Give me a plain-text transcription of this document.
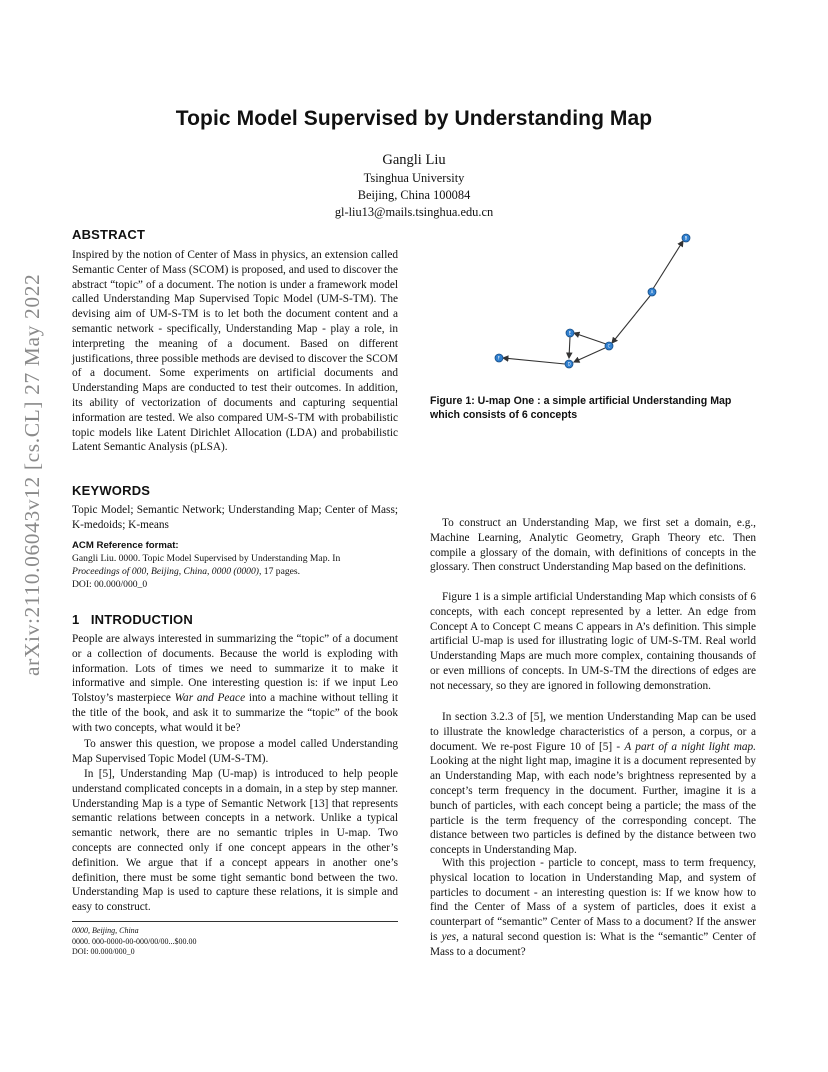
arXiv:2110.06043v12 [cs.CL] 27 May 2022
Topic Model Supervised by Understanding Map
Gangli Liu
Tsinghua University
Beijing, China 100084
gl-liu13@mails.tsinghua.edu.cn
ABSTRACT

Inspired by the notion of Center of Mass in physics, an extension called Semantic Center of Mass (SCOM) is proposed, and used to discover the abstract “topic” of a document. The notion is under a framework model called Understanding Map Supervised Topic Model (UM-S-TM). The devising aim of UM-S-TM is to let both the document content and a semantic network - specifically, Understanding Map - play a role, in interpreting the meaning of a document. Based on different justifications, three possible methods are devised to discover the SCOM of a document. Some experiments on artificial documents and Understanding Maps are conducted to test their outcomes. In addition, its ability of vectorization of documents and capturing sequential information are tested. We also compared UM-S-TM with probabilistic topic models like Latent Dirichlet Allocation (LDA) and probabilistic Latent Semantic Analysis (pLSA).

KEYWORDS

Topic Model; Semantic Network; Understanding Map; Center of Mass; K-medoids; K-means

ACM Reference format:
Gangli Liu. 0000. Topic Model Supervised by Understanding Map. In
Proceedings of 000, Beijing, China, 0000 (0000), 17 pages.
DOI: 00.000/000_0
1 INTRODUCTION

People are always interested in summarizing the “topic” of a document or a collection of documents. Because the world is exploding with information. Lots of times we need to summarize it to make it informative and simple. One interesting question is: if we input Leo Tolstoy’s masterpiece War and Peace into a machine without telling it the title of the book, and ask it to summarize the “topic” of the book with two concepts, what would it be?

To answer this question, we propose a model called Understanding Map Supervised Topic Model (UM-S-TM).

In [5], Understanding Map (U-map) is introduced to help people understand complicated concepts in a domain, in a step by step manner. Understanding Map is a type of Semantic Network [13] that represents semantic relations between concepts in a network. Unlike a typical semantic network, there are no semantic triples in U-map. Two concepts are connected only if one concept appears in the other’s definition. We argue that if a concept appears in another one’s definition, there must be some tight semantic bond between the two. Understanding Map is used to capture these relations, it is simple and easy to construct.

0000, Beijing, China
0000. 000-0000-00-000/00/00...$00.00
DOI: 00.000/000_0
B
A
C
E
D
F
Figure 1: U-map One : a simple artificial Understanding Map which consists of 6 concepts

To construct an Understanding Map, we first set a domain, e.g., Machine Learning, Analytic Geometry, Graph Theory etc. Then compile a glossary of the domain, with definitions of concepts in the glossary. Then construct Understanding Map based on the definitions.

Figure 1 is a simple artificial Understanding Map which consists of 6 concepts, with each concept represented by a letter. An edge from Concept A to Concept C means C appears in A’s definition. This simple artificial U-map is used for illustrating logic of UM-S-TM. Real world Understanding Maps are much more complex, containing thousands of or even millions of concepts. In UM-S-TM the directions of edges are not necessary, so they are ignored in following demonstration.

In section 3.2.3 of [5], we mention Understanding Map can be used to illustrate the knowledge characteristics of a person, a corpus, or a document. We re-post Figure 10 of [5] - A part of a night light map. Looking at the night light map, imagine it is a document represented by an Understanding Map, with each node’s brightness represented by a concept’s term frequency in the document. Further, imagine it is a bunch of particles, with each concept being a particle; the mass of the particle is the term frequency of the corresponding concept. The distance between two particles is defined by the distance between two concepts in Understanding Map.

With this projection - particle to concept, mass to term frequency, physical location to location in Understanding Map, and system of particles to document - an interesting question is: If we know how to find the Center of Mass of a system of particles, does it exist a counterpart of “semantic” Center of Mass to a document? If the answer is yes, a natural second question is: What is the “semantic” Center of Mass to a document?
